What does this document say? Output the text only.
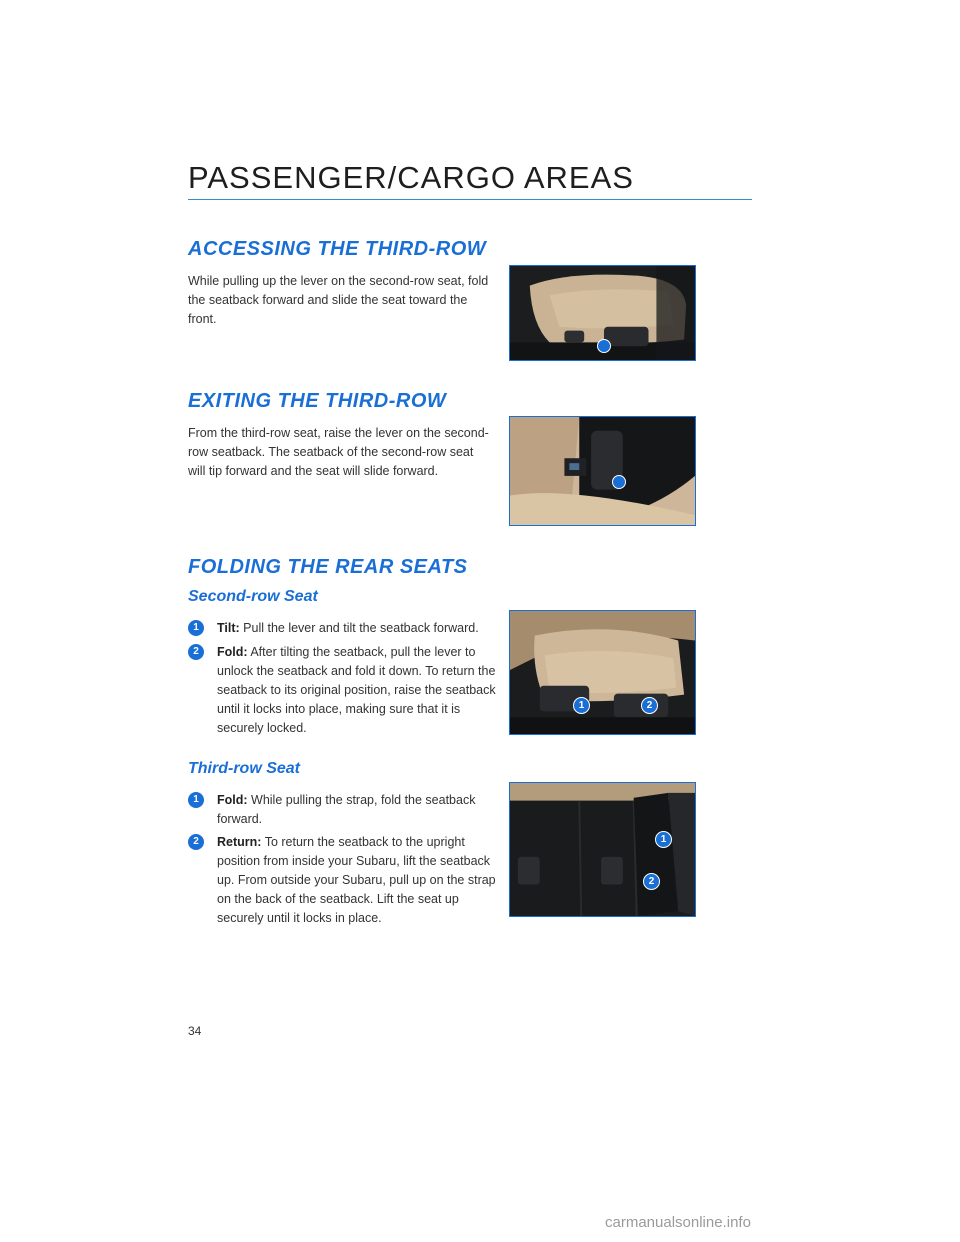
PASSENGER/CARGO AREAS
ACCESSING THE THIRD-ROW

While pulling up the lever on the second-row seat, fold the seatback forward and slide the seat toward the front.

EXITING THE THIRD-ROW

From the third-row seat, raise the lever on the second-row seatback. The seatback of the second-row seat will tip forward and the seat will slide forward.

FOLDING THE REAR SEATS
Second-row Seat
1	Tilt: Pull the lever and tilt the seatback forward.
2	Fold: After tilting the seatback, pull the lever to unlock the seatback and fold it down. To return the seatback to its original position, raise the seatback until it locks into place, making sure that it is securely locked.
1	2
Third-row Seat
1	Fold: While pulling the strap, fold the seatback forward.
2	Return: To return the seatback to the upright position from inside your Subaru, lift the seatback up. From outside your Subaru, pull up on the strap on the back of the seatback. Lift the seat up securely until it locks in place.
1
2
34
carmanualsonline.info
